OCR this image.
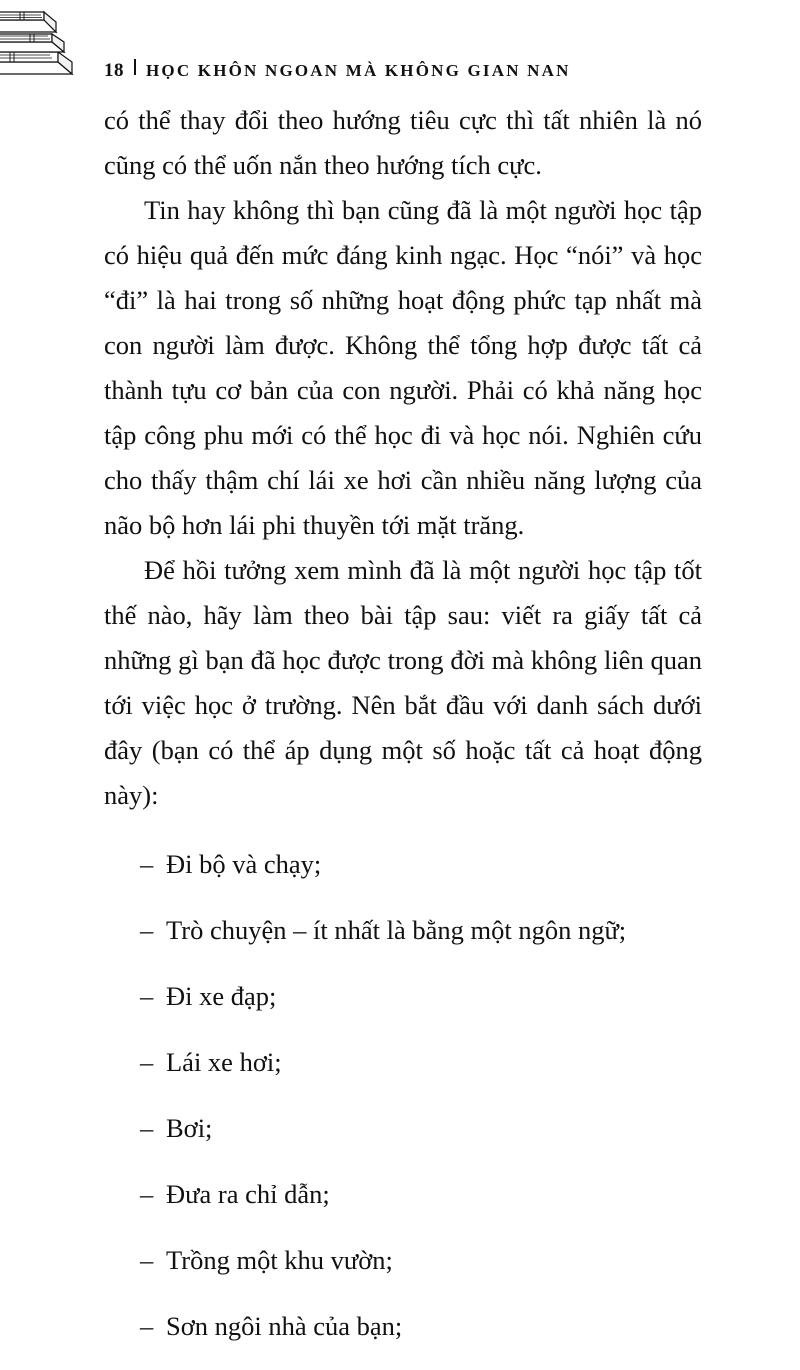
18 HỌC KHÔN NGOAN MÀ KHÔNG GIAN NAN

có thể thay đổi theo hướng tiêu cực thì tất nhiên là nó cũng có thể uốn nắn theo hướng tích cực.

Tin hay không thì bạn cũng đã là một người học tập có hiệu quả đến mức đáng kinh ngạc. Học “nói” và học “đi” là hai trong số những hoạt động phức tạp nhất mà con người làm được. Không thể tổng hợp được tất cả thành tựu cơ bản của con người. Phải có khả năng học tập công phu mới có thể học đi và học nói. Nghiên cứu cho thấy thậm chí lái xe hơi cần nhiều năng lượng của não bộ hơn lái phi thuyền tới mặt trăng.

Để hồi tưởng xem mình đã là một người học tập tốt thế nào, hãy làm theo bài tập sau: viết ra giấy tất cả những gì bạn đã học được trong đời mà không liên quan tới việc học ở trường. Nên bắt đầu với danh sách dưới đây (bạn có thể áp dụng một số hoặc tất cả hoạt động này):

– Đi bộ và chạy;
– Trò chuyện – ít nhất là bằng một ngôn ngữ;
– Đi xe đạp;
– Lái xe hơi;
– Bơi;
– Đưa ra chỉ dẫn;
– Trồng một khu vườn;
– Sơn ngôi nhà của bạn;
